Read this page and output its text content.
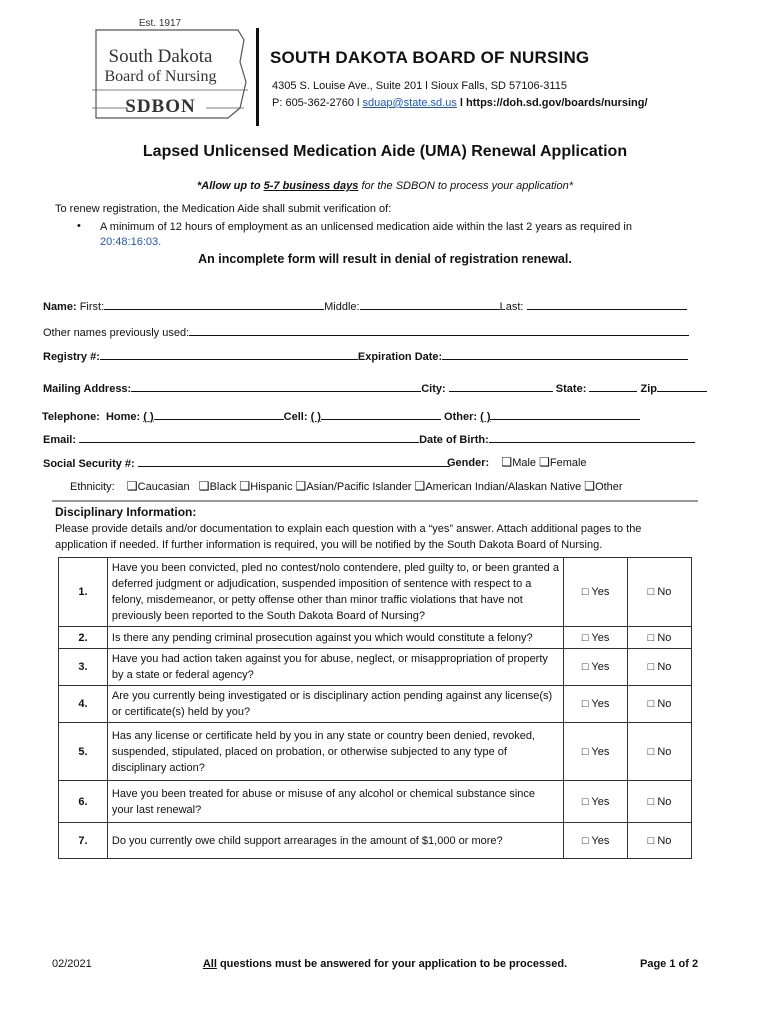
Est. 1917
South Dakota
Board of Nursing
SDBON
SOUTH DAKOTA BOARD OF NURSING
4305 S. Louise Ave., Suite 201 l Sioux Falls, SD 57106-3115
P: 605-362-2760 l sduap@state.sd.us l https://doh.sd.gov/boards/nursing/
Lapsed Unlicensed Medication Aide (UMA) Renewal Application
*Allow up to 5-7 business days for the SDBON to process your application*
To renew registration, the Medication Aide shall submit verification of:
• A minimum of 12 hours of employment as an unlicensed medication aide within the last 2 years as required in
20:48:16:03.
An incomplete form will result in denial of registration renewal.
Name: First:	Middle:	Last:
Other names previously used:
Registry #:	Expiration Date:
Mailing Address:	City:	State:	Zip
Telephone: Home: ( )	Cell: ( )	Other: ( )
Email:	Date of Birth:
Social Security #:	Gender: ❑Male ❑Female
Ethnicity: ❑Caucasian ❑Black ❑Hispanic ❑Asian/Pacific Islander ❑American Indian/Alaskan Native ❑Other
Disciplinary Information:
Please provide details and/or documentation to explain each question with a “yes” answer. Attach additional pages to the application if needed. If further information is required, you will be notified by the South Dakota Board of Nursing.
1.	Have you been convicted, pled no contest/nolo contendere, pled guilty to, or been granted a deferred judgment or adjudication, suspended imposition of sentence with respect to a felony, misdemeanor, or petty offense other than minor traffic violations that have not previously been reported to the South Dakota Board of Nursing?	□ Yes	□ No
2.	Is there any pending criminal prosecution against you which would constitute a felony?	□ Yes	□ No
3.	Have you had action taken against you for abuse, neglect, or misappropriation of property by a state or federal agency?	□ Yes	□ No
4.	Are you currently being investigated or is disciplinary action pending against any license(s) or certificate(s) held by you?	□ Yes	□ No
5.	Has any license or certificate held by you in any state or country been denied, revoked, suspended, stipulated, placed on probation, or otherwise subjected to any type of disciplinary action?	□ Yes	□ No
6.	Have you been treated for abuse or misuse of any alcohol or chemical substance since your last renewal?	□ Yes	□ No
7.	Do you currently owe child support arrearages in the amount of $1,000 or more?	□ Yes	□ No
02/2021	All questions must be answered for your application to be processed.	Page 1 of 2
